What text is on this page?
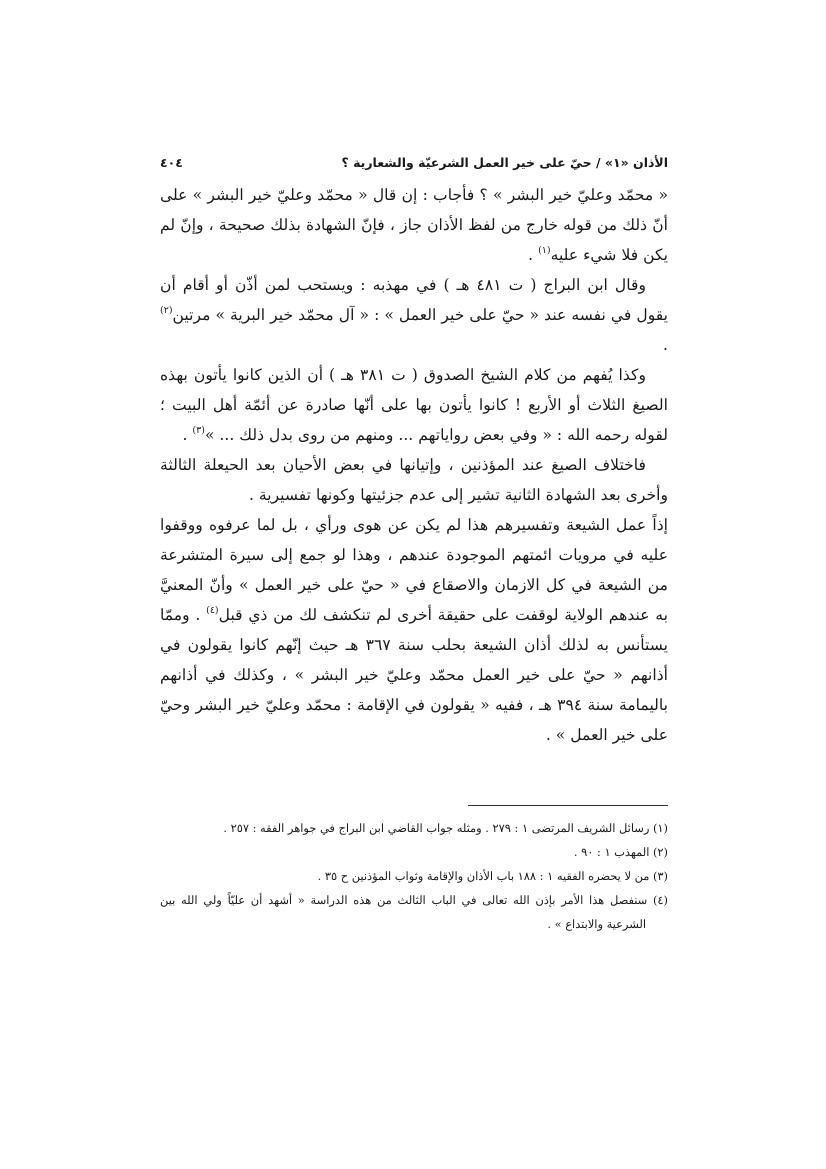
الأذان «١» / حيّ على خير العمل الشرعيّة والشعارية ؟
٤٠٤

« محمّد وعليّ خير البشر » ؟ فأجاب : إن قال « محمّد وعليّ خير البشر » على أنّ ذلك من قوله خارج من لفظ الأذان جاز ، فإنّ الشهادة بذلك صحيحة ، وإنّ لم يكن فلا شيء عليه$^{(١)}$ .

وقال ابن البراج ( ت ٤٨١ هـ ) في مهذبه : ويستحب لمن أذّن أو أقام أن يقول في نفسه عند « حيّ على خير العمل » : « آل محمّد خير البرية » مرتين$^{(٢)}$ .

وكذا يُفهم من كلام الشيخ الصدوق ( ت ٣٨١ هـ ) أن الذين كانوا يأتون بهذه الصيغ الثلاث أو الأربع ! كانوا يأتون بها على أنّها صادرة عن أئمّة أهل البيت ؛ لقوله رحمه الله : « وفي بعض رواياتهم ... ومنهم من روى بدل ذلك ... »$^{(٣)}$ .

فاختلاف الصيغ عند المؤذنين ، وإتيانها في بعض الأحيان بعد الحيعلة الثالثة وأخرى بعد الشهادة الثانية تشير إلى عدم جزئيتها وكونها تفسيرية .

إذاً عمل الشيعة وتفسيرهم هذا لم يكن عن هوى ورأي ، بل لما عرفوه ووقفوا عليه في مرويات ائمتهم الموجودة عندهم ، وهذا لو جمع إلى سيرة المتشرعة من الشيعة في كل الازمان والاصقاع في « حيّ على خير العمل » وأنّ المعنيَّ به عندهم الولاية لوقفت على حقيقة أخرى لم تنكشف لك من ذي قبل$^{(٤)}$ . وممّا يستأنس به لذلك أذان الشيعة بحلب سنة ٣٦٧ هـ حيث إنّهم كانوا يقولون في أذانهم « حيّ على خير العمل محمّد وعليّ خير البشر » ، وكذلك في أذانهم باليمامة سنة ٣٩٤ هـ ، ففيه « يقولون في الإقامة : محمّد وعليّ خير البشر وحيّ على خير العمل » .

(١) رسائل الشريف المرتضى ١ : ٢٧٩ . ومثله جواب القاضي ابن البراج في جواهر الفقه : ٢٥٧ .

(٢) المهذب ١ : ٩٠ .

(٣) من لا يحضره الفقيه ١ : ١٨٨ باب الأذان والإقامة وثواب المؤذنين ح ٣٥ .

(٤) سنفصل هذا الأمر بإذن الله تعالى في الباب الثالث من هذه الدراسة « أشهد أن عليّاً ولي الله بين الشرعية والابتداع » .
